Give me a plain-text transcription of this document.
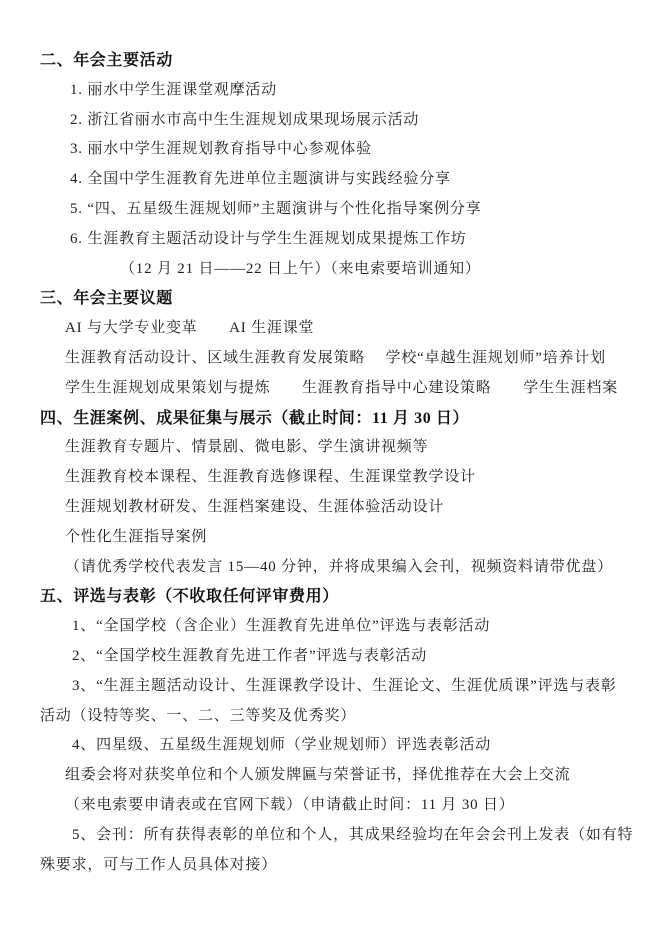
二、年会主要活动
1. 丽水中学生涯课堂观摩活动
2. 浙江省丽水市高中生生涯规划成果现场展示活动
3. 丽水中学生涯规划教育指导中心参观体验
4. 全国中学生涯教育先进单位主题演讲与实践经验分享
5. “四、五星级生涯规划师”主题演讲与个性化指导案例分享
6. 生涯教育主题活动设计与学生生涯规划成果提炼工作坊
（12 月 21 日——22 日上午）（来电索要培训通知）
三、年会主要议题
AI 与大学专业变革　　AI 生涯课堂
生涯教育活动设计、区域生涯教育发展策略　 学校“卓越生涯规划师”培养计划
学生生涯规划成果策划与提炼　　生涯教育指导中心建设策略　　学生生涯档案
四、生涯案例、成果征集与展示（截止时间：11 月 30 日）
生涯教育专题片、情景剧、微电影、学生演讲视频等
生涯教育校本课程、生涯教育选修课程、生涯课堂教学设计
生涯规划教材研发、生涯档案建设、生涯体验活动设计
个性化生涯指导案例
（请优秀学校代表发言 15—40 分钟，并将成果编入会刊，视频资料请带优盘）
五、评选与表彰（不收取任何评审费用）
1、“全国学校（含企业）生涯教育先进单位”评选与表彰活动
2、“全国学校生涯教育先进工作者”评选与表彰活动
3、“生涯主题活动设计、生涯课教学设计、生涯论文、生涯优质课”评选与表彰
活动（设特等奖、一、二、三等奖及优秀奖）
4、四星级、五星级生涯规划师（学业规划师）评选表彰活动
组委会将对获奖单位和个人颁发牌匾与荣誉证书，择优推荐在大会上交流
（来电索要申请表或在官网下载）（申请截止时间：11 月 30 日）
5、会刊：所有获得表彰的单位和个人，其成果经验均在年会会刊上发表（如有特
殊要求，可与工作人员具体对接）
